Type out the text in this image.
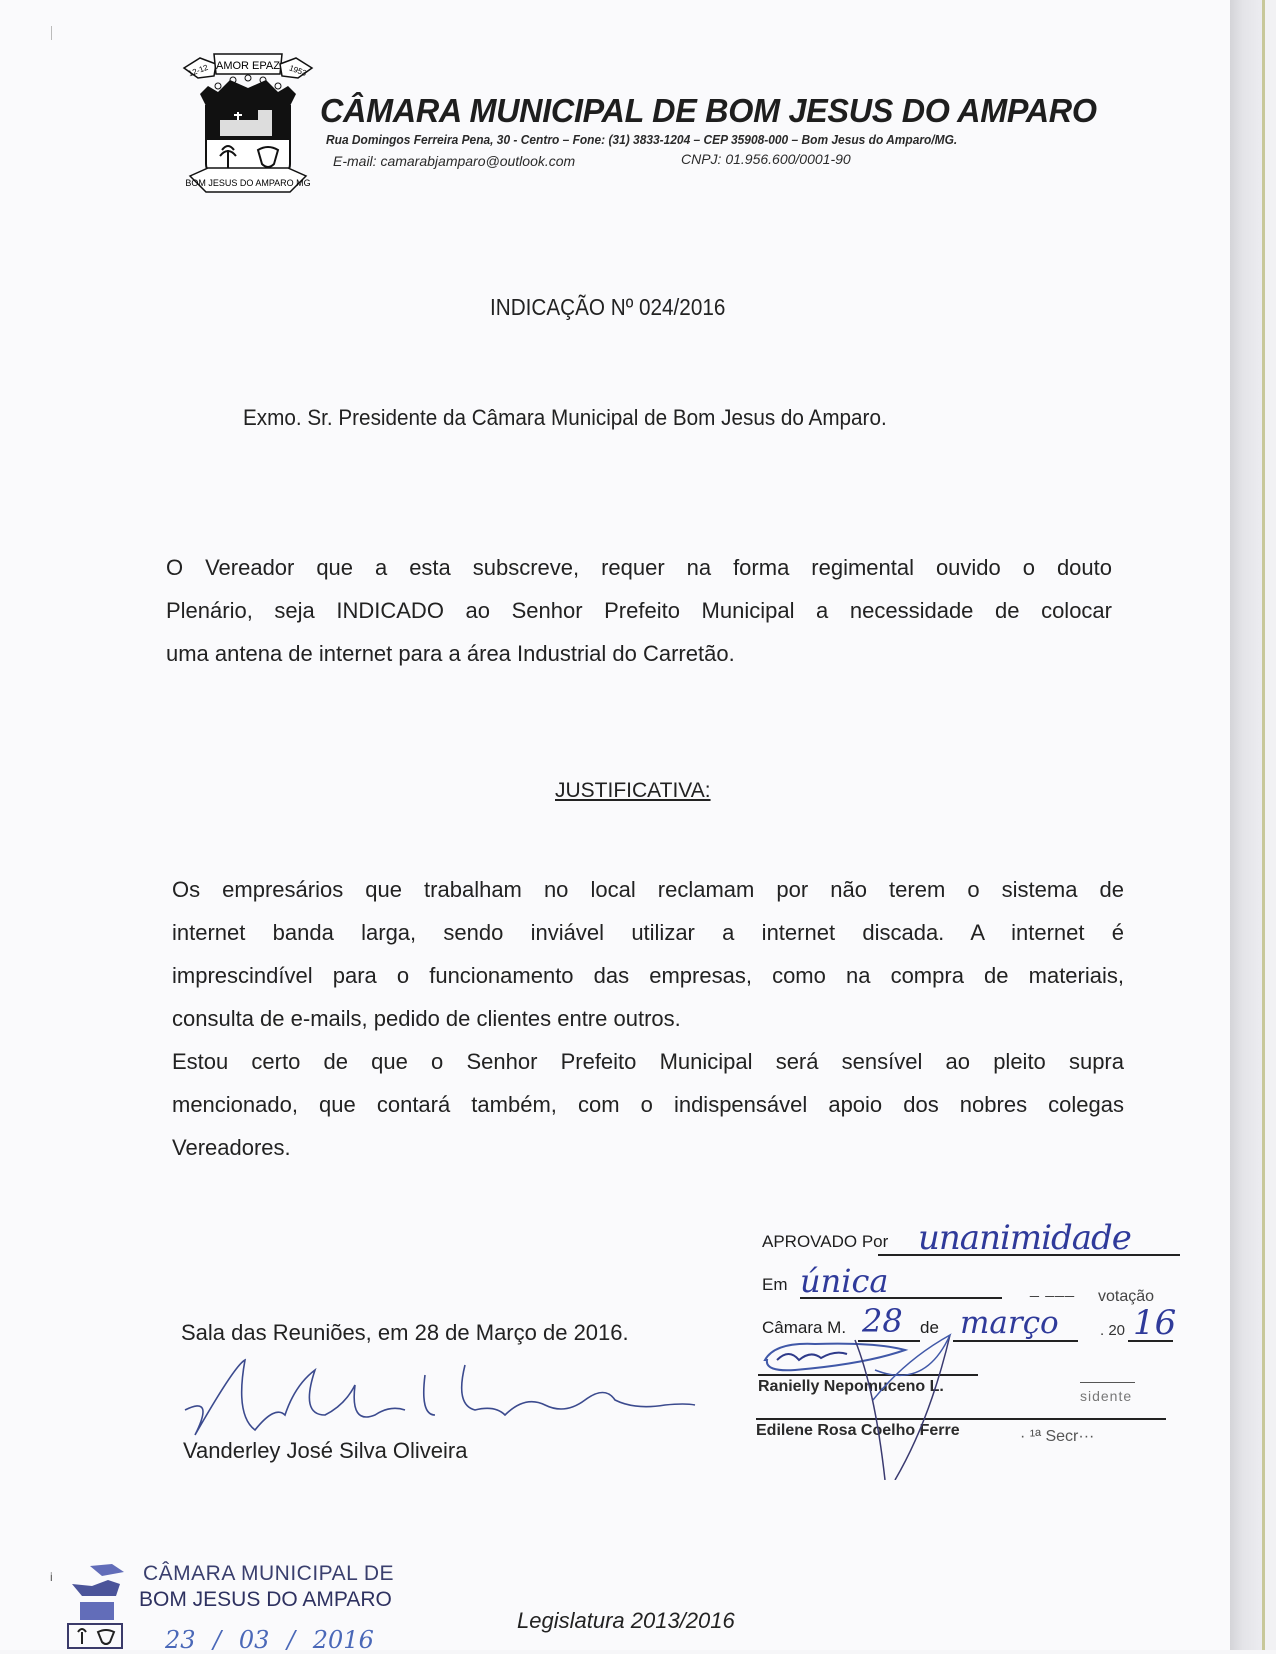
AMOR EPAZ
12-12	1953
BOM JESUS DO AMPARO MG
CÂMARA MUNICIPAL DE BOM JESUS DO AMPARO
Rua Domingos Ferreira Pena, 30 - Centro – Fone: (31) 3833-1204 – CEP 35908-000 – Bom Jesus do Amparo/MG.
E-mail: camarabjamparo@outlook.com	CNPJ: 01.956.600/0001-90
INDICAÇÃO Nº 024/2016
Exmo. Sr. Presidente da Câmara Municipal de Bom Jesus do Amparo.
O Vereador que a esta subscreve, requer na forma regimental ouvido o douto
Plenário, seja INDICADO ao Senhor Prefeito Municipal a necessidade de colocar
uma antena de internet para a área Industrial do Carretão.
JUSTIFICATIVA:
Os empresários que trabalham no local reclamam por não terem o sistema de
internet banda larga, sendo inviável utilizar a internet discada. A internet é
imprescindível para o funcionamento das empresas, como na compra de materiais,
consulta de e-mails, pedido de clientes entre outros.
Estou certo de que o Senhor Prefeito Municipal será sensível ao pleito supra
mencionado, que contará também, com o indispensável apoio dos nobres colegas
Vereadores.
APROVADO Por unanimidade
Em única	_ ___ votação
Câmara M. 28 de março	. 20 16
Ranielly Nepomuceno L.
sidente
Edilene Rosa Coelho Ferre	· ¹ª Secr···
Sala das Reuniões, em 28 de Março de 2016.
Vanderley José Silva Oliveira
i	CÂMARA MUNICIPAL DE
BOM JESUS DO AMPARO
23 / 03 / 2016
Legislatura 2013/2016
